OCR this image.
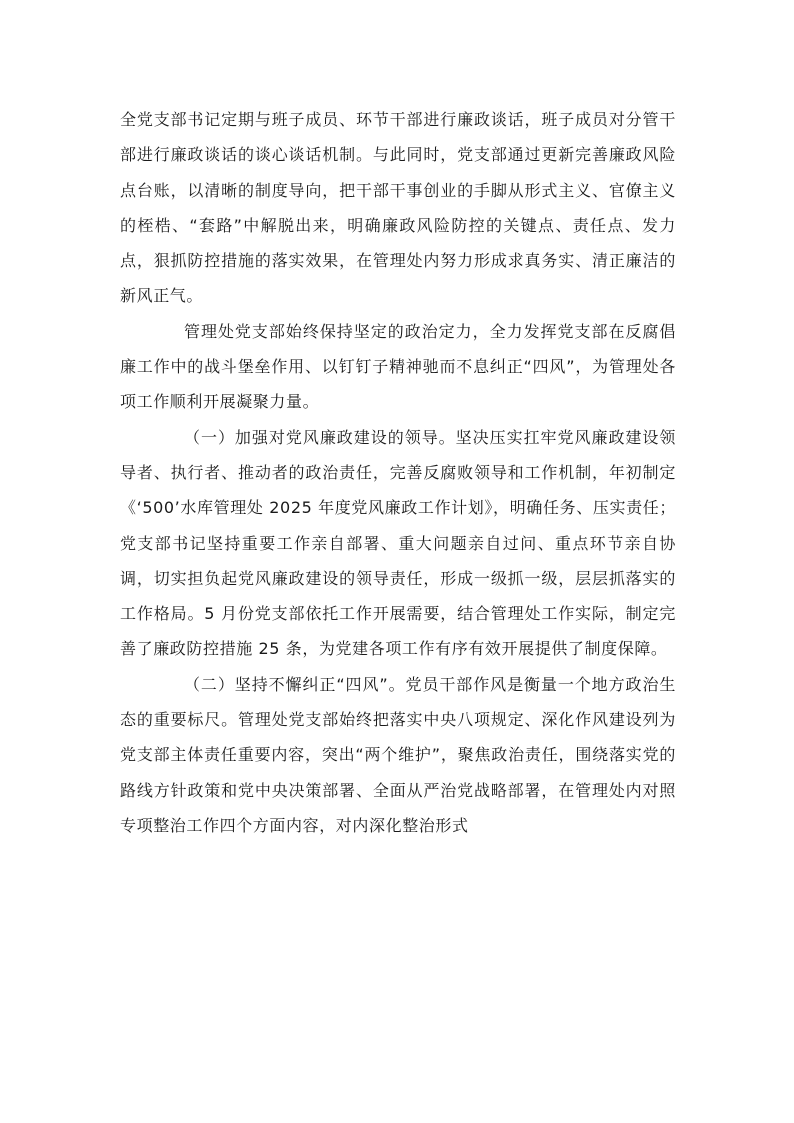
全党支部书记定期与班子成员、环节干部进行廉政谈话，班子成员对分管干部进行廉政谈话的谈心谈话机制。与此同时，党支部通过更新完善廉政风险点台账，以清晰的制度导向，把干部干事创业的手脚从形式主义、官僚主义的桎梏、“套路”中解脱出来，明确廉政风险防控的关键点、责任点、发力点，狠抓防控措施的落实效果，在管理处内努力形成求真务实、清正廉洁的新风正气。

管理处党支部始终保持坚定的政治定力，全力发挥党支部在反腐倡廉工作中的战斗堡垒作用、以钉钉子精神驰而不息纠正“四风”，为管理处各项工作顺利开展凝聚力量。

（一）加强对党风廉政建设的领导。坚决压实扛牢党风廉政建设领导者、执行者、推动者的政治责任，完善反腐败领导和工作机制，年初制定《‘500’水库管理处 2025 年度党风廉政工作计划》，明确任务、压实责任；党支部书记坚持重要工作亲自部署、重大问题亲自过问、重点环节亲自协调，切实担负起党风廉政建设的领导责任，形成一级抓一级，层层抓落实的工作格局。5 月份党支部依托工作开展需要，结合管理处工作实际，制定完善了廉政防控措施 25 条，为党建各项工作有序有效开展提供了制度保障。

（二）坚持不懈纠正“四风”。党员干部作风是衡量一个地方政治生态的重要标尺。管理处党支部始终把落实中央八项规定、深化作风建设列为党支部主体责任重要内容，突出“两个维护”，聚焦政治责任，围绕落实党的路线方针政策和党中央决策部署、全面从严治党战略部署，在管理处内对照专项整治工作四个方面内容，对内深化整治形式
